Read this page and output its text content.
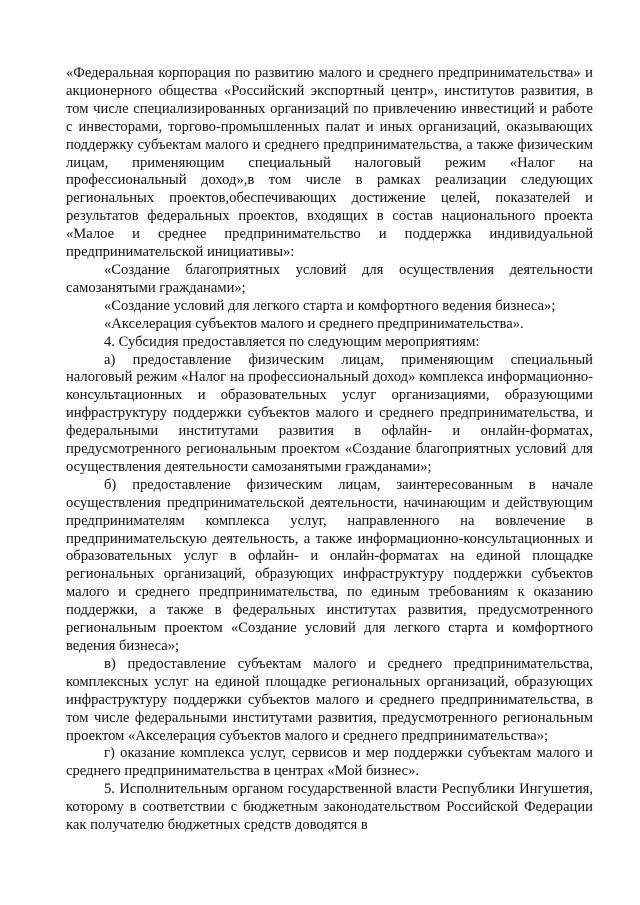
«Федеральная корпорация по развитию малого и среднего предпринимательства» и акционерного общества «Российский экспортный центр», институтов развития, в том числе специализированных организаций по привлечению инвестиций и работе с инвесторами, торгово-промышленных палат и иных организаций, оказывающих поддержку субъектам малого и среднего предпринимательства, а также физическим лицам, применяющим специальный налоговый режим «Налог на профессиональный доход»,в том числе в рамках реализации следующих региональных проектов,обеспечивающих достижение целей, показателей и результатов федеральных проектов, входящих в состав национального проекта «Малое и среднее предпринимательство и поддержка индивидуальной предпринимательской инициативы»:

«Создание благоприятных условий для осуществления деятельности самозанятыми гражданами»;

«Создание условий для легкого старта и комфортного ведения бизнеса»;

«Акселерация субъектов малого и среднего предпринимательства».

4. Субсидия предоставляется по следующим мероприятиям:

а) предоставление физическим лицам, применяющим специальный налоговый режим «Налог на профессиональный доход» комплекса информационно-консультационных и образовательных услуг организациями, образующими инфраструктуру поддержки субъектов малого и среднего предпринимательства, и федеральными институтами развития в офлайн- и онлайн-форматах, предусмотренного региональным проектом «Создание благоприятных условий для осуществления деятельности самозанятыми гражданами»;

б) предоставление физическим лицам, заинтересованным в начале осуществления предпринимательской деятельности, начинающим и действующим предпринимателям комплекса услуг, направленного на вовлечение в предпринимательскую деятельность, а также информационно-консультационных и образовательных услуг в офлайн- и онлайн-форматах на единой площадке региональных организаций, образующих инфраструктуру поддержки субъектов малого и среднего предпринимательства, по единым требованиям к оказанию поддержки, а также в федеральных институтах развития, предусмотренного региональным проектом «Создание условий для легкого старта и комфортного ведения бизнеса»;

в) предоставление субъектам малого и среднего предпринимательства, комплексных услуг на единой площадке региональных организаций, образующих инфраструктуру поддержки субъектов малого и среднего предпринимательства, в том числе федеральными институтами развития, предусмотренного региональным проектом «Акселерация субъектов малого и среднего предпринимательства»;

г) оказание комплекса услуг, сервисов и мер поддержки субъектам малого и среднего предпринимательства в центрах «Мой бизнес».

5. Исполнительным органом государственной власти Республики Ингушетия, которому в соответствии с бюджетным законодательством Российской Федерации как получателю бюджетных средств доводятся в
